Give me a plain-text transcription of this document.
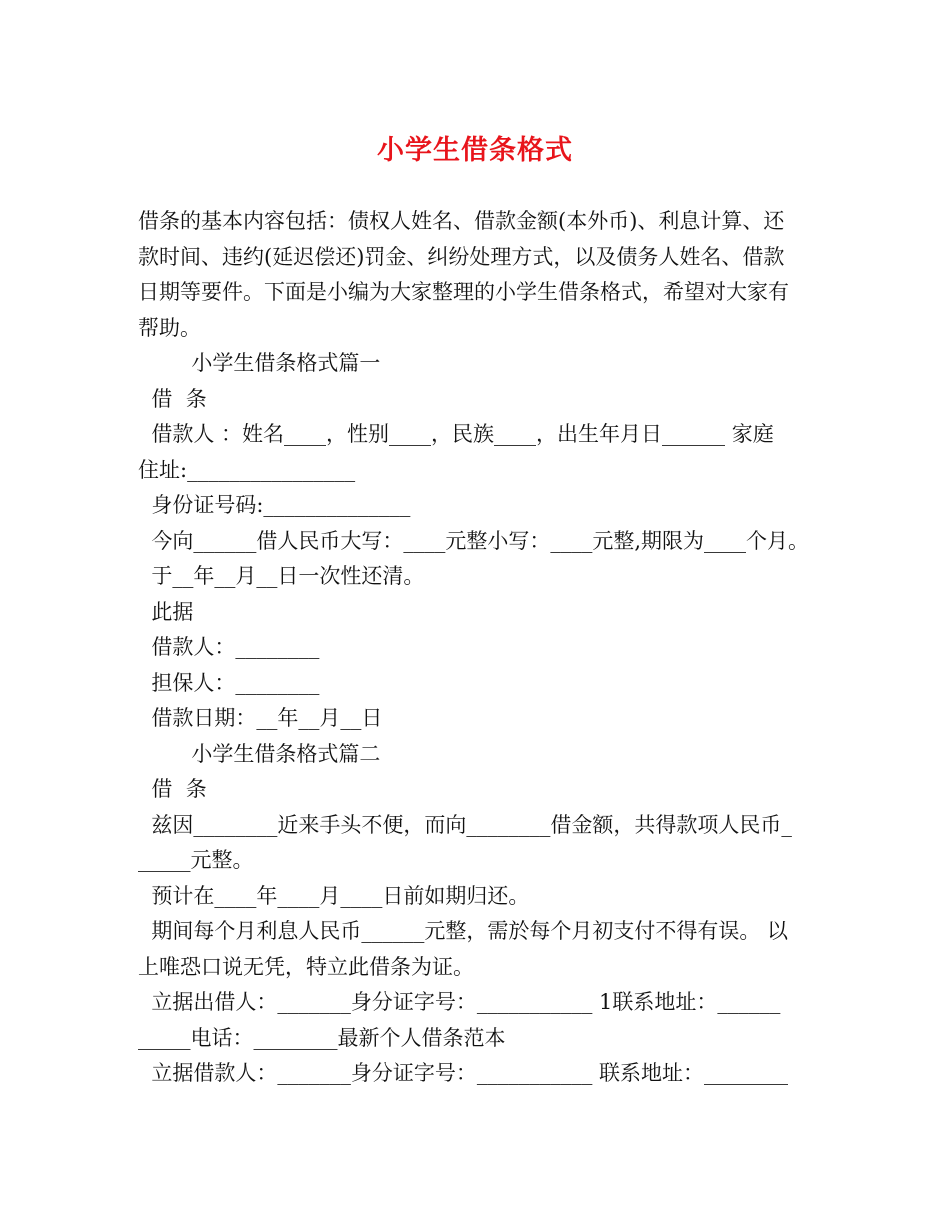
小学生借条格式
借条的基本内容包括：债权人姓名、借款金额(本外币)、利息计算、还
款时间、违约(延迟偿还)罚金、纠纷处理方式，以及债务人姓名、借款
日期等要件。下面是小编为大家整理的小学生借条格式，希望对大家有
帮助。
小学生借条格式篇一
借  条
借款人 ：姓名____，性别____，民族____，出生年月日______ 家庭
住址:________________
身份证号码:______________
今向______借人民币大写：____元整小写：____元整,期限为____个月。
于__年__月__日一次性还清。
此据
借款人：________
担保人：________
借款日期：__年__月__日
小学生借条格式篇二
借  条
兹因________近来手头不便，而向________借金额，共得款项人民币_
_____元整。
预计在____年____月____日前如期归还。
期间每个月利息人民币______元整，需於每个月初支付不得有误。 以
上唯恐口说无凭，特立此借条为证。
立据出借人：_______身分证字号：___________ 1联系地址：______
_____电话：________最新个人借条范本
立据借款人：_______身分证字号：___________ 联系地址：________
